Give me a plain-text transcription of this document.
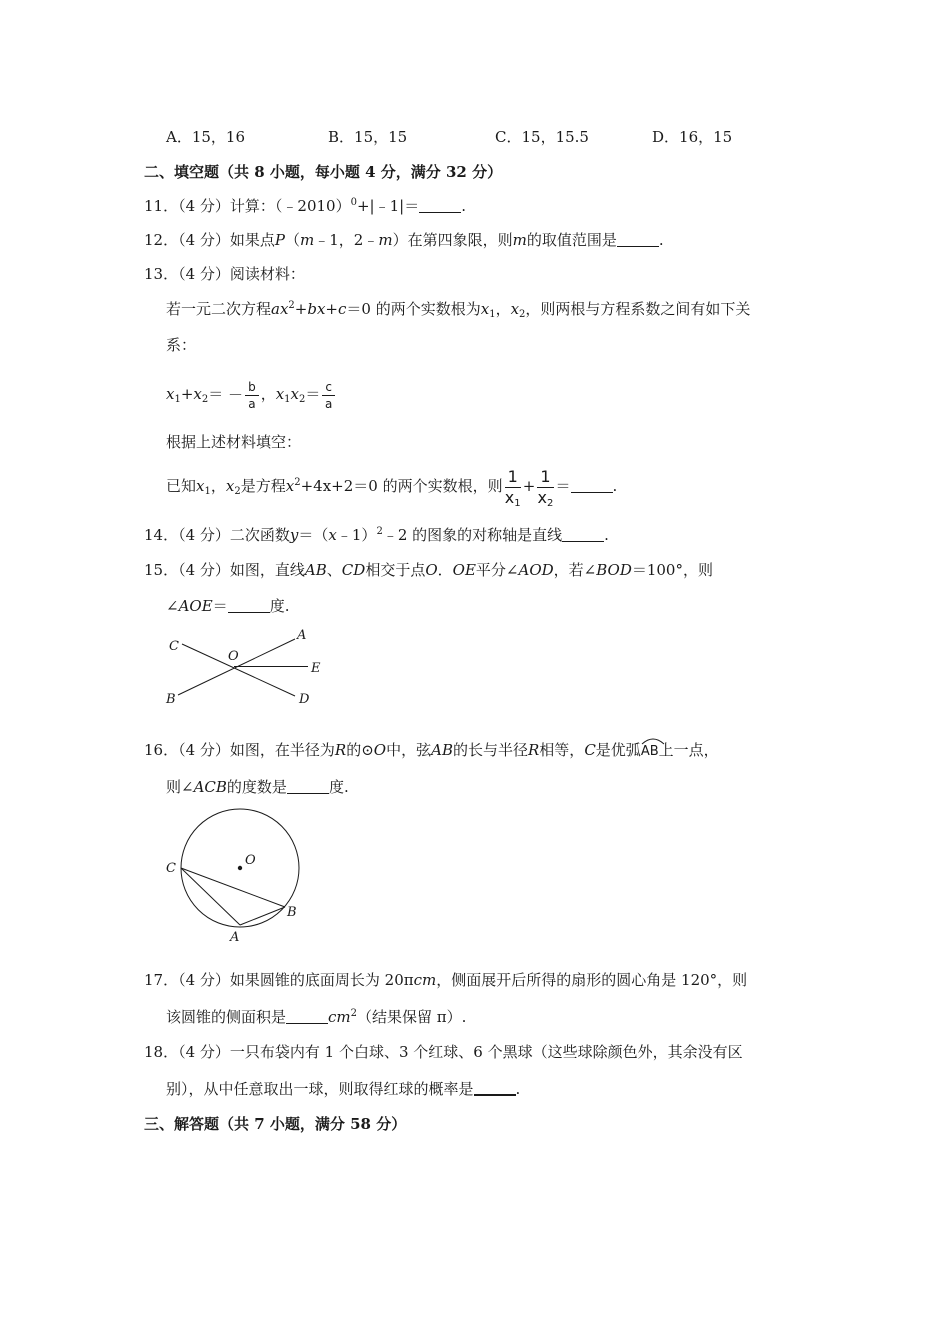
A．15，16	B．15，15	C．15，15.5	D．16，15
二、填空题（共 8 小题，每小题 4 分，满分 32 分）
11．（4 分）计算：（﹣2010）$^0$+|﹣1|＝	.
12．（4 分）如果点P（m﹣1，2﹣m）在第四象限，则m的取值范围是	.
13．（4 分）阅读材料：
若一元二次方程$ax^2+bx+c=0$ 的两个实数根为$x_1$，$x_2$，则两根与方程系数之间有如下关
系：
$x_1+x_2= - \frac{b}{a}$ ，$x_1x_2= \frac{c}{a}$
根据上述材料填空：
已知$x_1$，$x_2$是方程$x^2+4x+2=0$ 的两个实数根，则 $\frac{1}{x_1} + \frac{1}{x_2}$ ＝	.
14．（4 分）二次函数y＝（x﹣1）$^2$﹣2 的图象的对称轴是直线	.
15．（4 分）如图，直线AB、CD相交于点O．OE平分∠AOD，若∠BOD＝100°，则
∠AOE＝	度.
C
A
O
E
B	D
16．（4 分）如图，在半径为R的⊙O中，弦AB的长与半径R相等，C是优弧
AB上一点，
则∠ACB的度数是	度.
C
O
B
A
17．（4 分）如果圆锥的底面周长为 20πcm，侧面展开后所得的扇形的圆心角是 120°，则
该圆锥的侧面积是	$cm^2$（结果保留 π）.
18．（4 分）一只布袋内有 1 个白球、3 个红球、6 个黑球（这些球除颜色外，其余没有区
别），从中任意取出一球，则取得红球的概率是	.
三、解答题（共 7 小题，满分 58 分）
